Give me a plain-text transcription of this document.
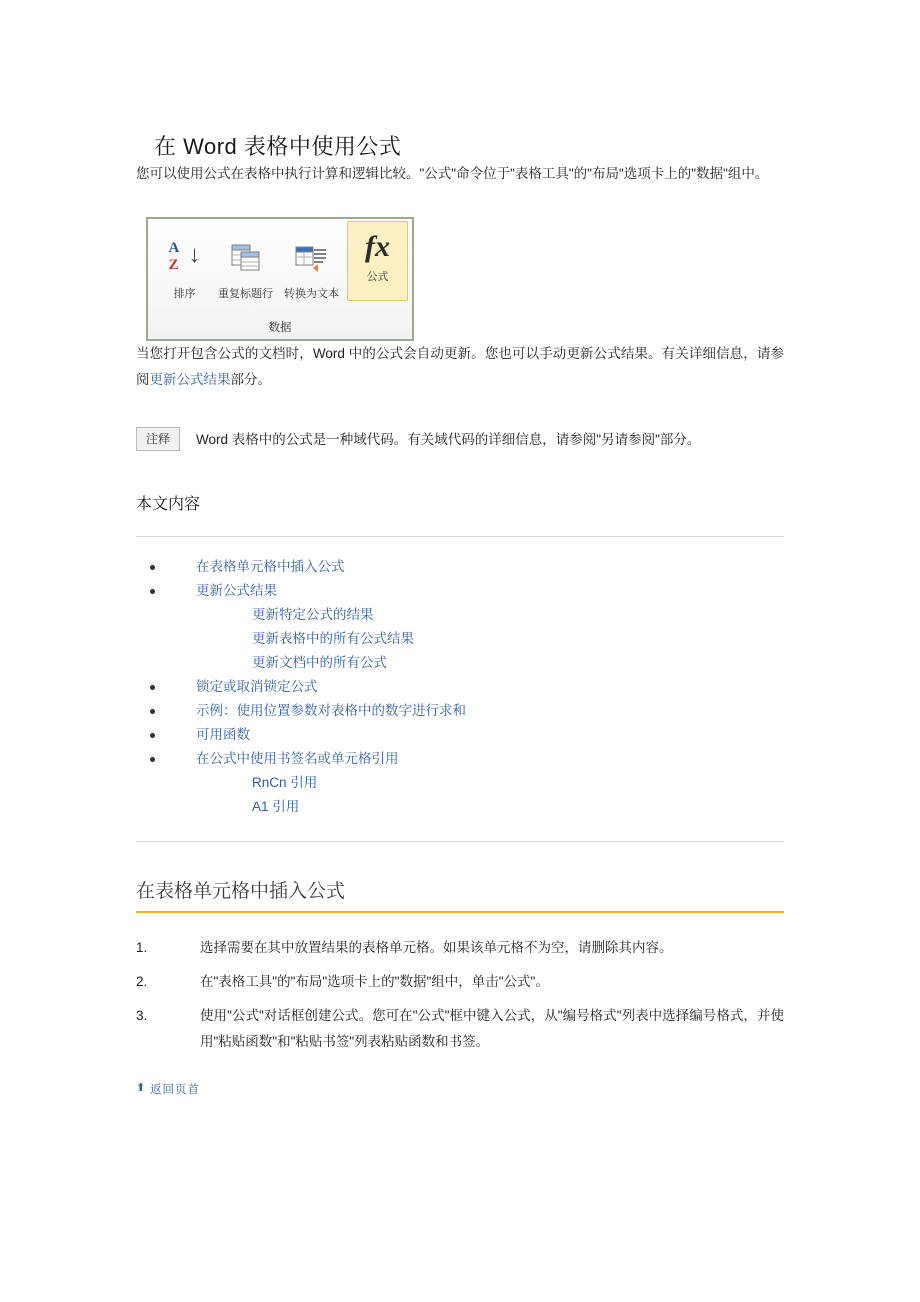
在 Word 表格中使用公式

您可以使用公式在表格中执行计算和逻辑比较。"公式"命令位于"表格工具"的"布局"选项卡上的"数据"组中。

A

Z ↓
排序	重复标题行 转换为文本
fx
公式
数据

当您打开包含公式的文档时，Word 中的公式会自动更新。您也可以手动更新公式结果。有关详细信息，请参阅更新公式结果部分。

注释	Word 表格中的公式是一种域代码。有关域代码的详细信息，请参阅"另请参阅"部分。
本文内容
在表格单元格中插入公式
更新公式结果
更新特定公式的结果
更新表格中的所有公式结果
更新文档中的所有公式
锁定或取消锁定公式
示例：使用位置参数对表格中的数字进行求和
可用函数
在公式中使用书签名或单元格引用
RnCn 引用
A1 引用
在表格单元格中插入公式
选择需要在其中放置结果的表格单元格。如果该单元格不为空，请删除其内容。
在"表格工具"的"布局"选项卡上的"数据"组中，单击"公式"。
使用"公式"对话框创建公式。您可在"公式"框中键入公式，从"编号格式"列表中选择编号格式，并使用"粘贴函数"和"粘贴书签"列表粘贴函数和书签。
⬆
返回页首
